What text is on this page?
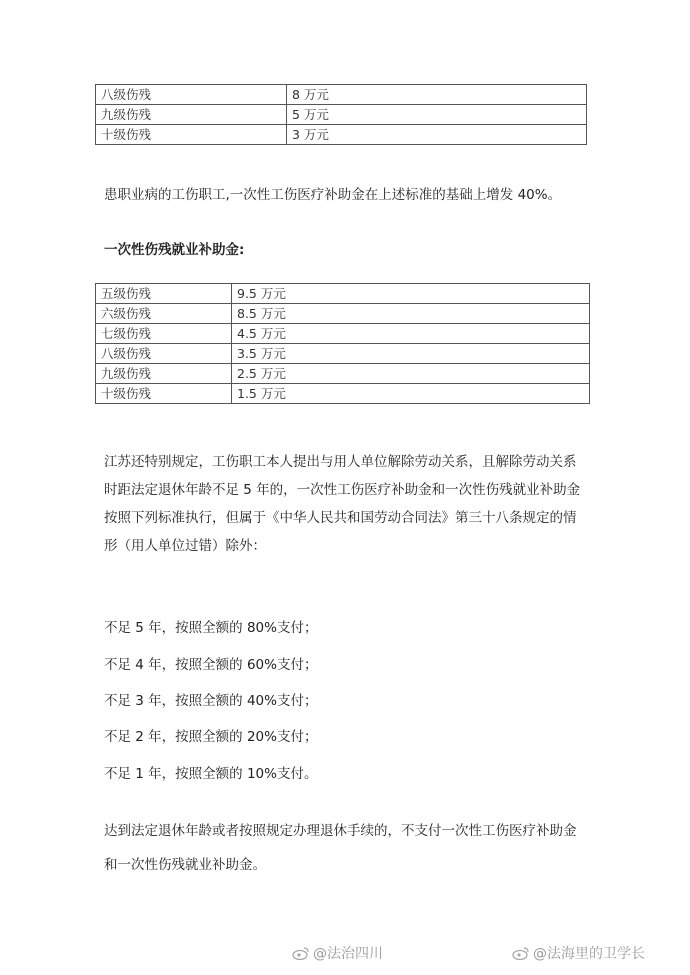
八级伤残	8 万元
九级伤残	5 万元
十级伤残	3 万元
患职业病的工伤职工,一次性工伤医疗补助金在上述标准的基础上增发 40%。
一次性伤残就业补助金:
五级伤残	9.5 万元
六级伤残	8.5 万元
七级伤残	4.5 万元
八级伤残	3.5 万元
九级伤残	2.5 万元
十级伤残	1.5 万元
江苏还特别规定，工伤职工本人提出与用人单位解除劳动关系，且解除劳动关系
时距法定退休年龄不足 5 年的，一次性工伤医疗补助金和一次性伤残就业补助金
按照下列标准执行，但属于《中华人民共和国劳动合同法》第三十八条规定的情
形（用人单位过错）除外：
不足 5 年，按照全额的 80%支付；
不足 4 年，按照全额的 60%支付；
不足 3 年，按照全额的 40%支付；
不足 2 年，按照全额的 20%支付；
不足 1 年，按照全额的 10%支付。
达到法定退休年龄或者按照规定办理退休手续的，不支付一次性工伤医疗补助金
和一次性伤残就业补助金。
@法治四川	@法海里的卫学长
